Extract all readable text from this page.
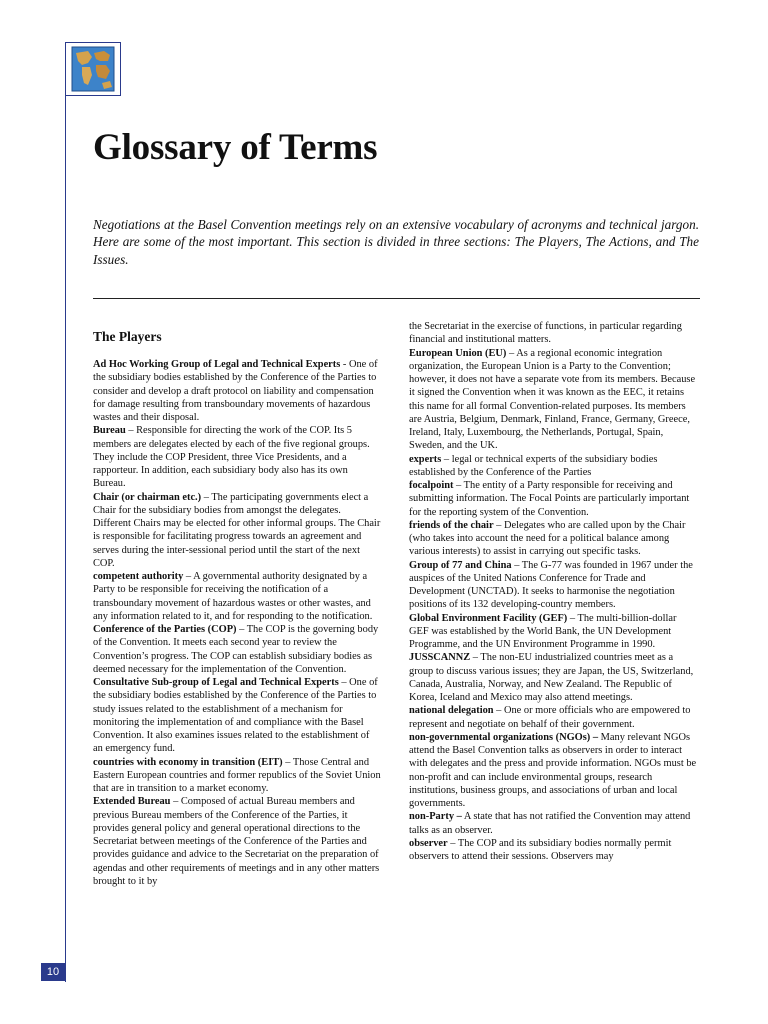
Glossary of Terms

Negotiations at the Basel Convention meetings rely on an extensive vocabulary of acronyms and technical jargon. Here are some of the most important. This section is divided in three sections: The Players, The Actions, and The Issues.

The Players

Ad Hoc Working Group of Legal and Technical Experts - One of the subsidiary bodies established by the Conference of the Parties to consider and develop a draft protocol on liability and compensation for damage resulting from transboundary movements of hazardous wastes and their disposal.

Bureau – Responsible for directing the work of the COP. Its 5 members are delegates elected by each of the five regional groups. They include the COP President, three Vice Presidents, and a rapporteur. In addition, each subsidiary body also has its own Bureau.

Chair (or chairman etc.) – The participating governments elect a Chair for the subsidiary bodies from amongst the delegates. Different Chairs may be elected for other informal groups. The Chair is responsible for facilitating progress towards an agreement and serves during the inter-sessional period until the start of the next COP.

competent authority – A governmental authority designated by a Party to be responsible for receiving the notification of a transboundary movement of hazardous wastes or other wastes, and any information related to it, and for responding to the notification.

Conference of the Parties (COP) – The COP is the governing body of the Convention. It meets each second year to review the Convention’s progress. The COP can establish subsidiary bodies as deemed necessary for the implementation of the Convention.

Consultative Sub-group of Legal and Technical Experts – One of the subsidiary bodies established by the Conference of the Parties to study issues related to the establishment of a mechanism for monitoring the implementation of and compliance with the Basel Convention. It also examines issues related to the establishment of an emergency fund.

countries with economy in transition (EIT) – Those Central and Eastern European countries and former republics of the Soviet Union that are in transition to a market economy.

Extended Bureau – Composed of actual Bureau members and previous Bureau members of the Conference of the Parties, it provides general policy and general operational directions to the Secretariat between meetings of the Conference of the Parties and provides guidance and advice to the Secretariat on the preparation of agendas and other requirements of meetings and in any other matters brought to it by

the Secretariat in the exercise of functions, in particular regarding financial and institutional matters.

European Union (EU) – As a regional economic integration organization, the European Union is a Party to the Convention; however, it does not have a separate vote from its members. Because it signed the Convention when it was known as the EEC, it retains this name for all formal Convention-related purposes. Its members are Austria, Belgium, Denmark, Finland, France, Germany, Greece, Ireland, Italy, Luxembourg, the Netherlands, Portugal, Spain, Sweden, and the UK.

experts – legal or technical experts of the subsidiary bodies established by the Conference of the Parties

focalpoint – The entity of a Party responsible for receiving and submitting information. The Focal Points are particularly important for the reporting system of the Convention.

friends of the chair – Delegates who are called upon by the Chair (who takes into account the need for a political balance among various interests) to assist in carrying out specific tasks.

Group of 77 and China – The G-77 was founded in 1967 under the auspices of the United Nations Conference for Trade and Development (UNCTAD). It seeks to harmonise the negotiation positions of its 132 developing-country members.

Global Environment Facility (GEF) – The multi-billion-dollar GEF was established by the World Bank, the UN Development Programme, and the UN Environment Programme in 1990.

JUSSCANNZ – The non-EU industrialized countries meet as a group to discuss various issues; they are Japan, the US, Switzerland, Canada, Australia, Norway, and New Zealand. The Republic of Korea, Iceland and Mexico may also attend meetings.

national delegation – One or more officials who are empowered to represent and negotiate on behalf of their government.

non-governmental organizations (NGOs) – Many relevant NGOs attend the Basel Convention talks as observers in order to interact with delegates and the press and provide information. NGOs must be non-profit and can include environmental groups, research institutions, business groups, and associations of urban and local governments.

non-Party – A state that has not ratified the Convention may attend talks as an observer.

observer – The COP and its subsidiary bodies normally permit observers to attend their sessions. Observers may

10
